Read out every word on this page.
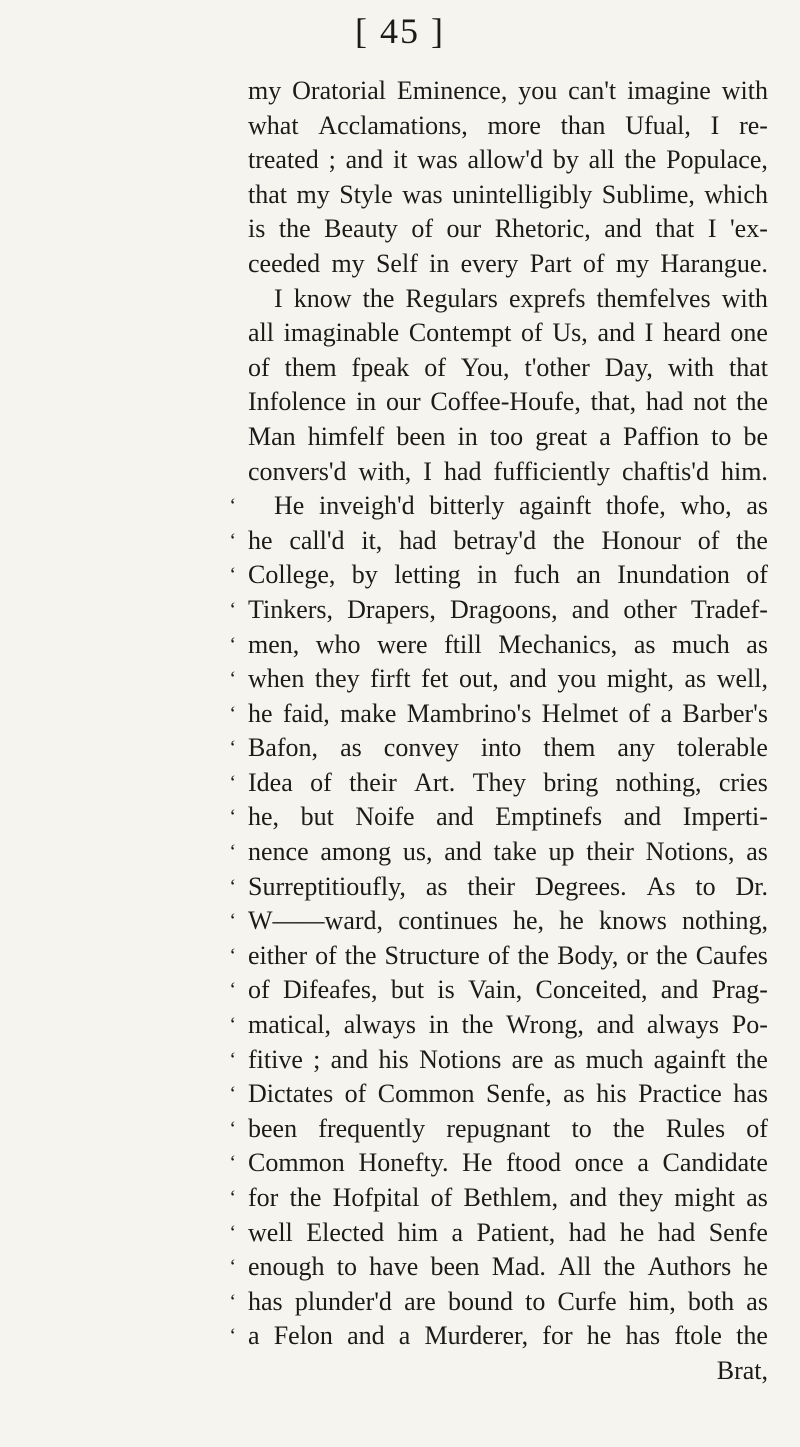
[ 45 ]
my Oratorial Eminence, you can't imagine with
what Acclamations, more than Ufual, I re-
treated ; and it was allow'd by all the Populace,
that my Style was unintelligibly Sublime, which
is the Beauty of our Rhetoric, and that I 'ex-
ceeded my Self in every Part of my Harangue.
I know the Regulars exprefs themfelves with
all imaginable Contempt of Us, and I heard one
of them fpeak of You, t'other Day, with that
Infolence in our Coffee-Houfe, that, had not the
Man himfelf been in too great a Paffion to be
convers'd with, I had fufficiently chaftis'd him.
‘ He inveigh'd bitterly againft thofe, who, as
‘ he call'd it, had betray'd the Honour of the
‘ College, by letting in fuch an Inundation of
‘ Tinkers, Drapers, Dragoons, and other Tradef-
‘ men, who were ftill Mechanics, as much as
‘ when they firft fet out, and you might, as well,
‘ he faid, make Mambrino's Helmet of a Barber's
‘ Bafon, as convey into them any tolerable
‘ Idea of their Art. They bring nothing, cries
‘ he, but Noife and Emptinefs and Imperti-
‘ nence among us, and take up their Notions, as
‘ Surreptitioufly, as their Degrees. As to Dr.
‘ W——ward, continues he, he knows nothing,
‘ either of the Structure of the Body, or the Caufes
‘ of Difeafes, but is Vain, Conceited, and Prag-
‘ matical, always in the Wrong, and always Po-
‘ fitive ; and his Notions are as much againft the
‘ Dictates of Common Senfe, as his Practice has
‘ been frequently repugnant to the Rules of
‘ Common Honefty. He ftood once a Candidate
‘ for the Hofpital of Bethlem, and they might as
‘ well Elected him a Patient, had he had Senfe
‘ enough to have been Mad. All the Authors he
‘ has plunder'd are bound to Curfe him, both as
‘ a Felon and a Murderer, for he has ftole the
Brat,
